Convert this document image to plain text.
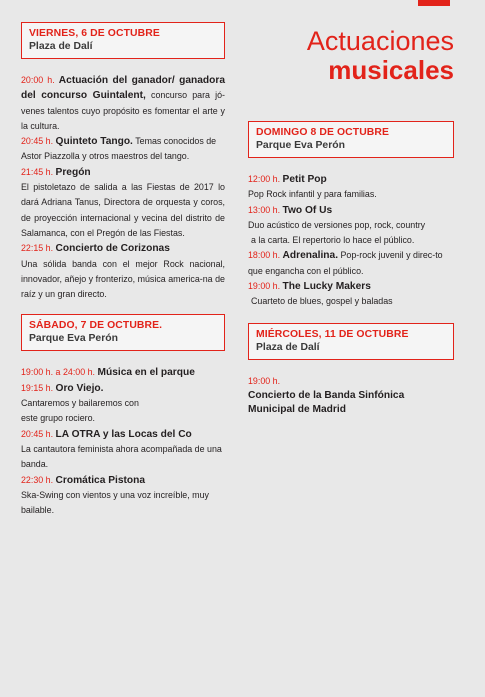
VIERNES, 6 DE OCTUBRE
Plaza de Dalí
20:00 h. Actuación del ganador/ ganadora del concurso Guintalent, concurso para jó-venes talentos cuyo propósito es fomentar el arte y la cultura.
20:45 h. Quinteto Tango. Temas conocidos de Astor Piazzolla y otros maestros del tango.
21:45 h. Pregón
El pistoletazo de salida a las Fiestas de 2017 lo dará Adriana Tanus, Directora de orquesta y coros, de proyección internacional y vecina del distrito de Salamanca, con el Pregón de las Fiestas.
22:15 h. Concierto de Corizonas
Una sólida banda con el mejor Rock nacional, innovador, añejo y fronterizo, música america-na de raíz y un gran directo.
SÁBADO, 7 DE OCTUBRE.
Parque Eva Perón
19:00 h. a 24:00 h. Música en el parque
19:15 h. Oro Viejo.
Cantaremos y bailaremos con
este grupo rociero.
20:45 h. LA OTRA y las Locas del Co
La cantautora feminista ahora acompañada de una banda.
22:30 h. Cromática Pistona
Ska-Swing con vientos y una voz increíble, muy bailable.
Actuaciones
musicales
DOMINGO 8 DE OCTUBRE
Parque Eva Perón
12:00 h. Petit Pop
Pop Rock infantil y para familias.
13:00 h. Two Of Us
Duo acústico de versiones pop, rock, country
a la carta. El repertorio lo hace el público.
18:00 h. Adrenalina. Pop-rock juvenil y direc-to que engancha con el público.
19:00 h. The Lucky Makers
Cuarteto de blues, gospel y baladas
MIÉRCOLES, 11 DE OCTUBRE
Plaza de Dalí
19:00 h.
Concierto de la Banda Sinfónica Municipal de Madrid
